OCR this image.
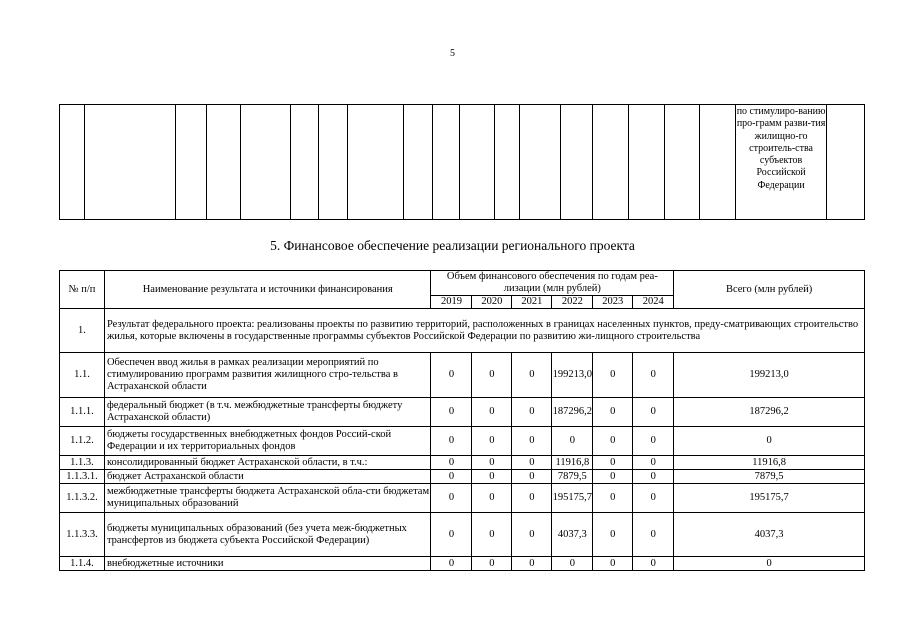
5
																		по стимулиро-ванию про-грамм разви-тия жилищно-го строитель-ства субъектов Российской Федерации	
5. Финансовое обеспечение реализации регионального проекта
№ п/п	Наименование результата и источники финансирования	Объем финансового обеспечения по годам реа-лизации (млн рублей)						Всего (млн рублей)
		2019	2020	2021	2022	2023	2024	
1.	Результат федерального проекта: реализованы проекты по развитию территорий, расположенных в границах населенных пунктов, преду-сматривающих строительство жилья, которые включены в государственные программы субъектов Российской Федерации по развитию жи-лищного строительства							
1.1.	Обеспечен ввод жилья в рамках реализации мероприятий по стимулированию программ развития жилищного стро-тельства в Астраханской области	0	0	0	199213,0	0	0	199213,0
1.1.1.	федеральный бюджет (в т.ч. межбюджетные трансферты бюджету Астраханской области)	0	0	0	187296,2	0	0	187296,2
1.1.2.	бюджеты государственных внебюджетных фондов Россий-ской Федерации и их территориальных фондов	0	0	0	0	0	0	0
1.1.3.	консолидированный бюджет Астраханской области, в т.ч.:	0	0	0	11916,8	0	0	11916,8
1.1.3.1.	бюджет Астраханской области	0	0	0	7879,5	0	0	7879,5
1.1.3.2.	межбюджетные трансферты бюджета Астраханской обла-сти бюджетам муниципальных образований	0	0	0	195175,7	0	0	195175,7
1.1.3.3.	бюджеты муниципальных образований (без учета меж-бюджетных трансфертов из бюджета субъекта Российской Федерации)	0	0	0	4037,3	0	0	4037,3
1.1.4.	внебюджетные источники	0	0	0	0	0	0	0
